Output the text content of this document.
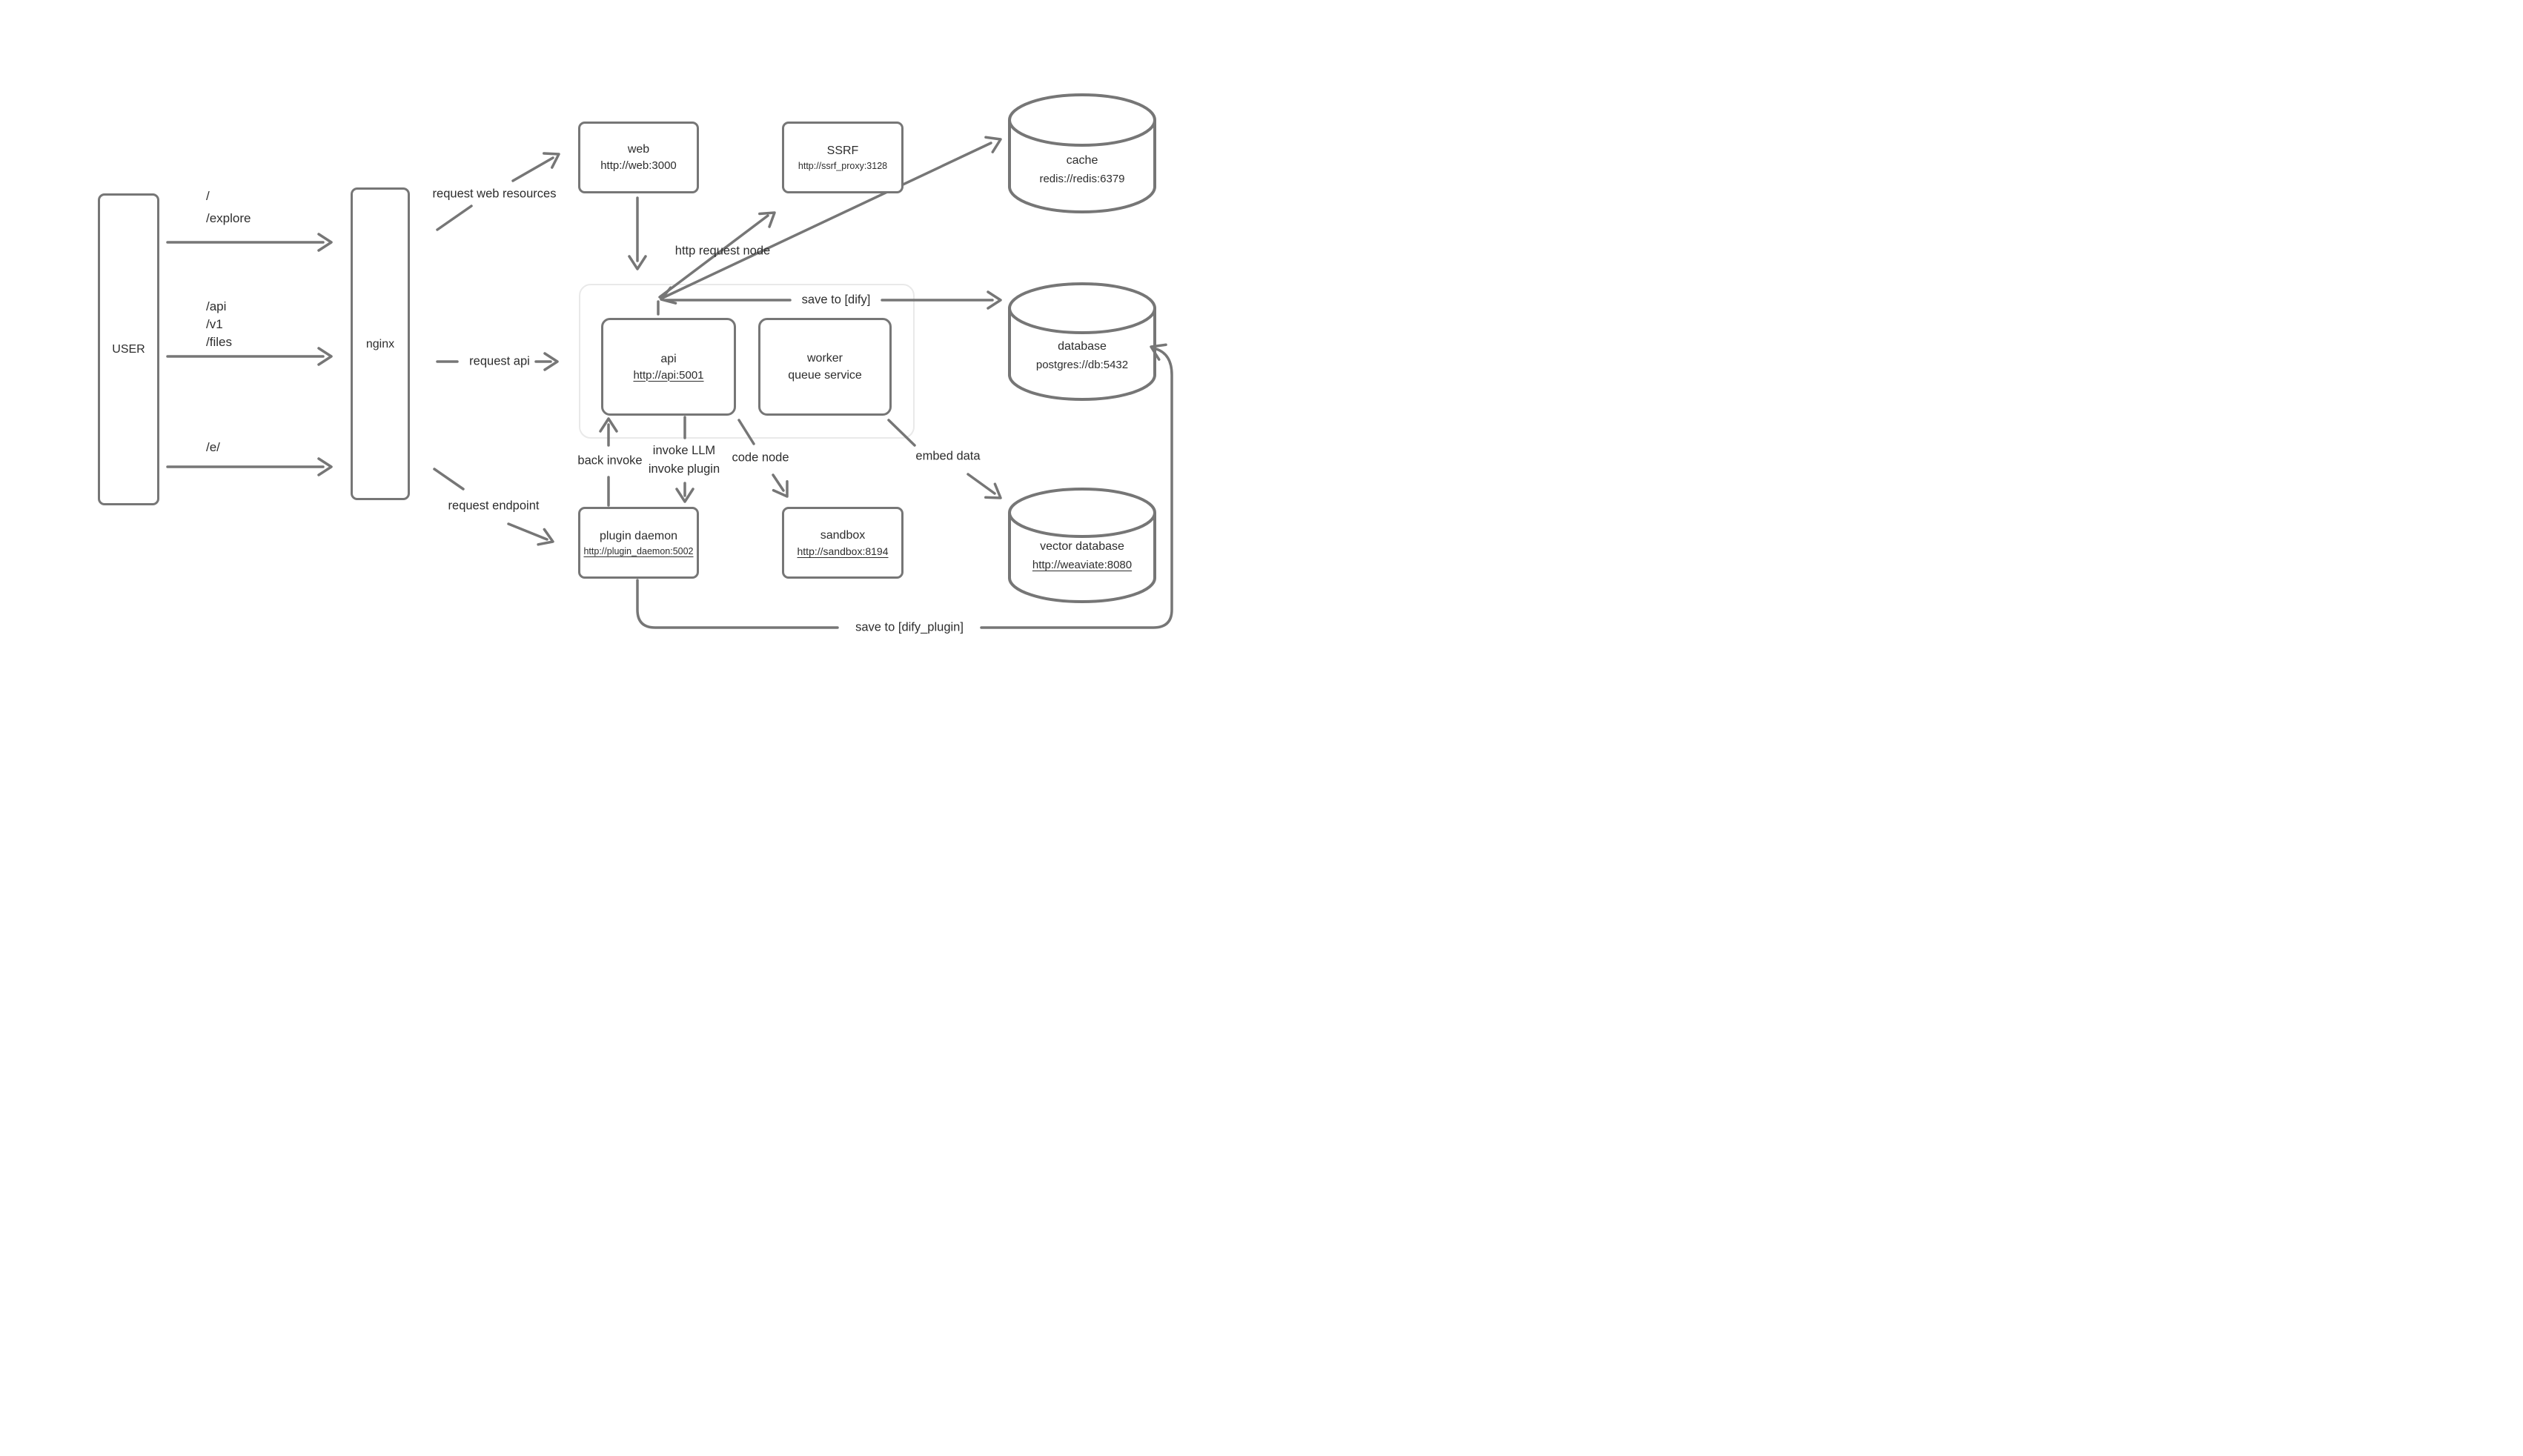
USER	nginx
web
http://web:3000
SSRF
http://ssrf_proxy:3128
api
http://api:5001
worker
queue service
plugin daemon
http://plugin_daemon:5002
sandbox
http://sandbox:8194
cache
redis://redis:6379
database
postgres://db:5432
vector database
http://weaviate:8080
/
/explore
/api
/v1
/files
/e/
request web resources
request api
request endpoint
http request node
save to [dify]
back invoke
invoke LLM
invoke plugin
code node	embed data
save to [dify_plugin]
